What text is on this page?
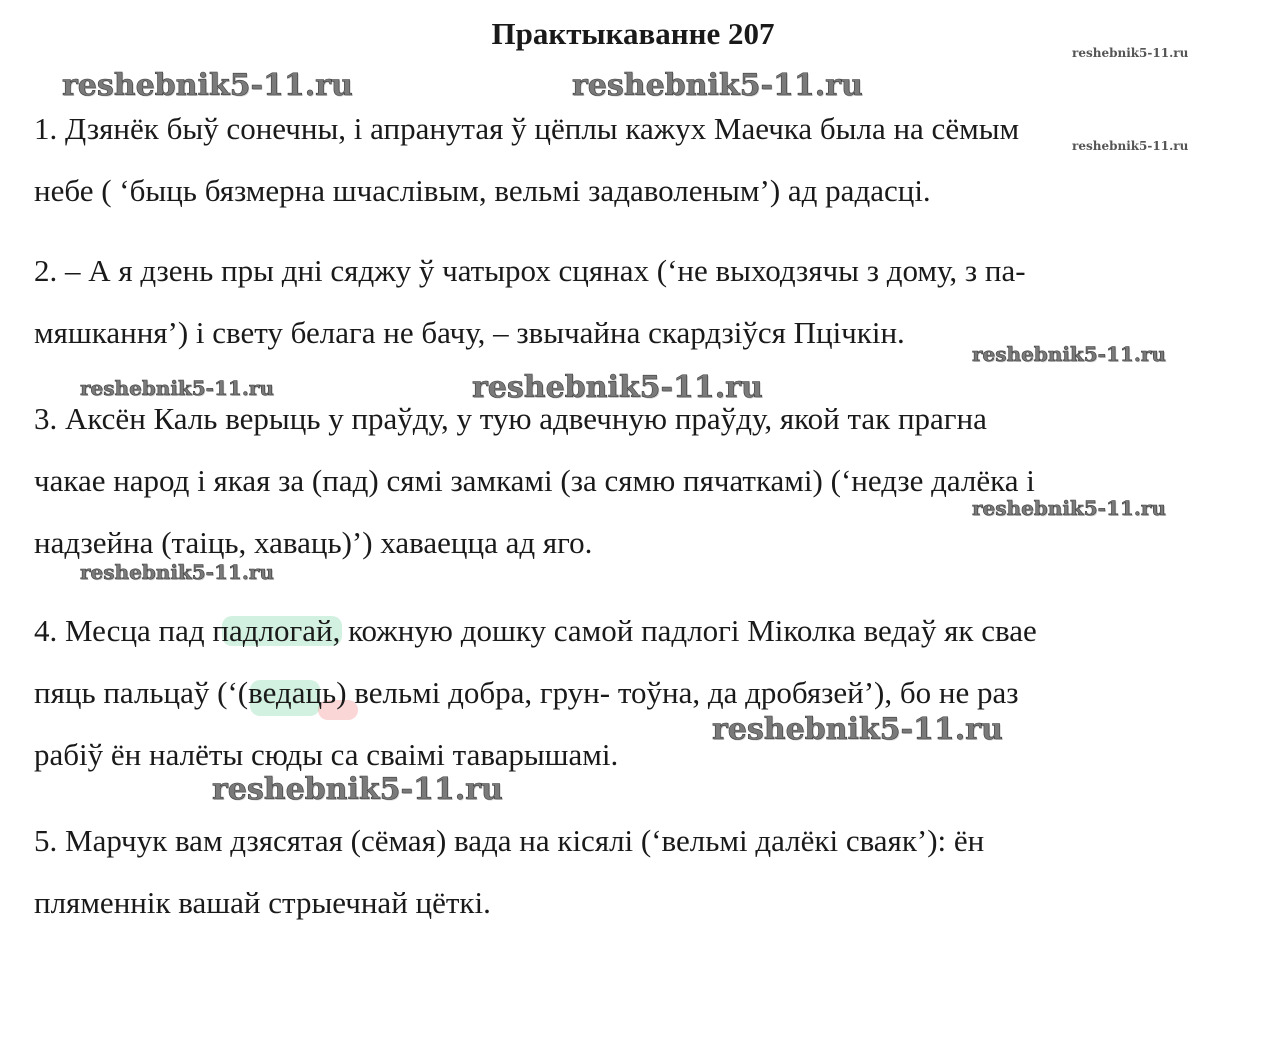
Практыкаванне 207

1. Дзянёк быў сонечны, і апранутая ў цёплы кажух Маечка была на сёмым
небе ( ‘быць бязмерна шчаслівым, вельмі задаволеным’) ад радасці.

2. – А я дзень пры дні сяджу ў чатырох сцянах (‘не выходзячы з дому, з па-
мяшкання’) і свету белага не бачу, – звычайна скардзіўся Пцічкін.

3. Аксён Каль верыць у праўду, у тую адвечную праўду, якой так прагна
чакае народ і якая за (пад) сямі замкамі (за сямю пячаткамі) (‘недзе далёка і
надзейна (таіць, хаваць)’) хаваецца ад яго.

4. Месца пад падлогай, кожную дошку самой падлогі Міколка ведаў як свае
пяць пальцаў (‘(ведаць) вельмі добра, грун- тоўна, да дробязей’), бо не раз
рабіў ён налёты сюды са сваімі таварышамі.

5. Марчук вам дзясятая (сёмая) вада на кісялі (‘вельмі далёкі сваяк’): ён
пляменнік вашай стрыечнай цёткі.

reshebnik5-11.ru
reshebnik5-11.ru	reshebnik5-11.ru
reshebnik5-11.ru
reshebnik5-11.ru
reshebnik5-11.ru	reshebnik5-11.ru
reshebnik5-11.ru
reshebnik5-11.ru
reshebnik5-11.ru
reshebnik5-11.ru
